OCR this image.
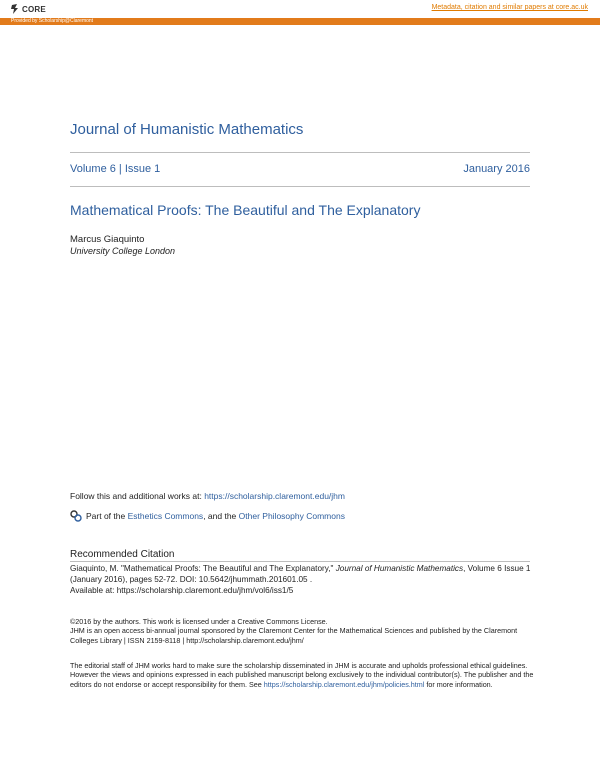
CORE	Metadata, citation and similar papers at core.ac.uk
Provided by Scholarship@Claremont
Journal of Humanistic Mathematics
Volume 6 | Issue 1	January 2016
Mathematical Proofs: The Beautiful and The Explanatory
Marcus Giaquinto
University College London
Follow this and additional works at: https://scholarship.claremont.edu/jhm
Part of the
Esthetics Commons , and the
Other Philosophy Commons
Recommended Citation
Giaquinto, M. "Mathematical Proofs: The Beautiful and The Explanatory," Journal of Humanistic Mathematics, Volume 6 Issue 1 (January 2016), pages 52-72. DOI: 10.5642/jhummath.201601.05 .
Available at: https://scholarship.claremont.edu/jhm/vol6/iss1/5
©2016 by the authors. This work is licensed under a Creative Commons License.
JHM is an open access bi-annual journal sponsored by the Claremont Center for the Mathematical Sciences and published by the Claremont Colleges Library | ISSN 2159-8118 | http://scholarship.claremont.edu/jhm/
The editorial staff of JHM works hard to make sure the scholarship disseminated in JHM is accurate and upholds professional ethical guidelines. However the views and opinions expressed in each published manuscript belong exclusively to the individual contributor(s). The publisher and the editors do not endorse or accept responsibility for them. See https://scholarship.claremont.edu/jhm/policies.html for more information.
